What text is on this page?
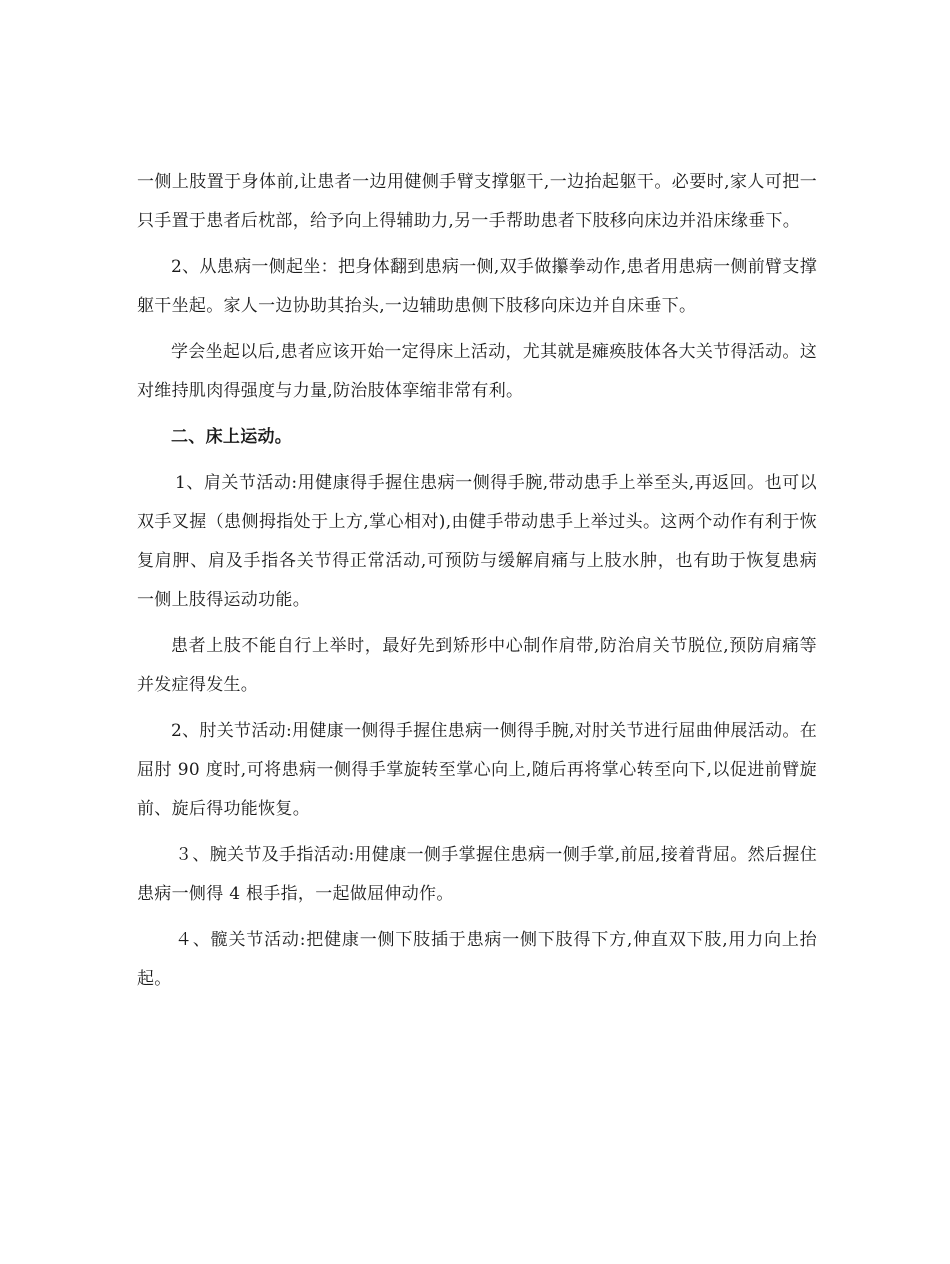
一侧上肢置于身体前,让患者一边用健侧手臂支撑躯干,一边抬起躯干。必要时,家人可把一只手置于患者后枕部，给予向上得辅助力,另一手帮助患者下肢移向床边并沿床缘垂下。

2、从患病一侧起坐：把身体翻到患病一侧,双手做攥拳动作,患者用患病一侧前臂支撑躯干坐起。家人一边协助其抬头,一边辅助患侧下肢移向床边并自床垂下。

学会坐起以后,患者应该开始一定得床上活动，尤其就是瘫痪肢体各大关节得活动。这对维持肌肉得强度与力量,防治肢体挛缩非常有利。

二、床上运动。

1、肩关节活动:用健康得手握住患病一侧得手腕,带动患手上举至头,再返回。也可以双手叉握（患侧拇指处于上方,掌心相对),由健手带动患手上举过头。这两个动作有利于恢复肩胛、肩及手指各关节得正常活动,可预防与缓解肩痛与上肢水肿，也有助于恢复患病一侧上肢得运动功能。

患者上肢不能自行上举时，最好先到矫形中心制作肩带,防治肩关节脱位,预防肩痛等并发症得发生。

2、肘关节活动:用健康一侧得手握住患病一侧得手腕,对肘关节进行屈曲伸展活动。在屈肘 90 度时,可将患病一侧得手掌旋转至掌心向上,随后再将掌心转至向下,以促进前臂旋前、旋后得功能恢复。

３、腕关节及手指活动:用健康一侧手掌握住患病一侧手掌,前屈,接着背屈。然后握住患病一侧得 4 根手指，一起做屈伸动作。

４、髋关节活动:把健康一侧下肢插于患病一侧下肢得下方,伸直双下肢,用力向上抬起。
